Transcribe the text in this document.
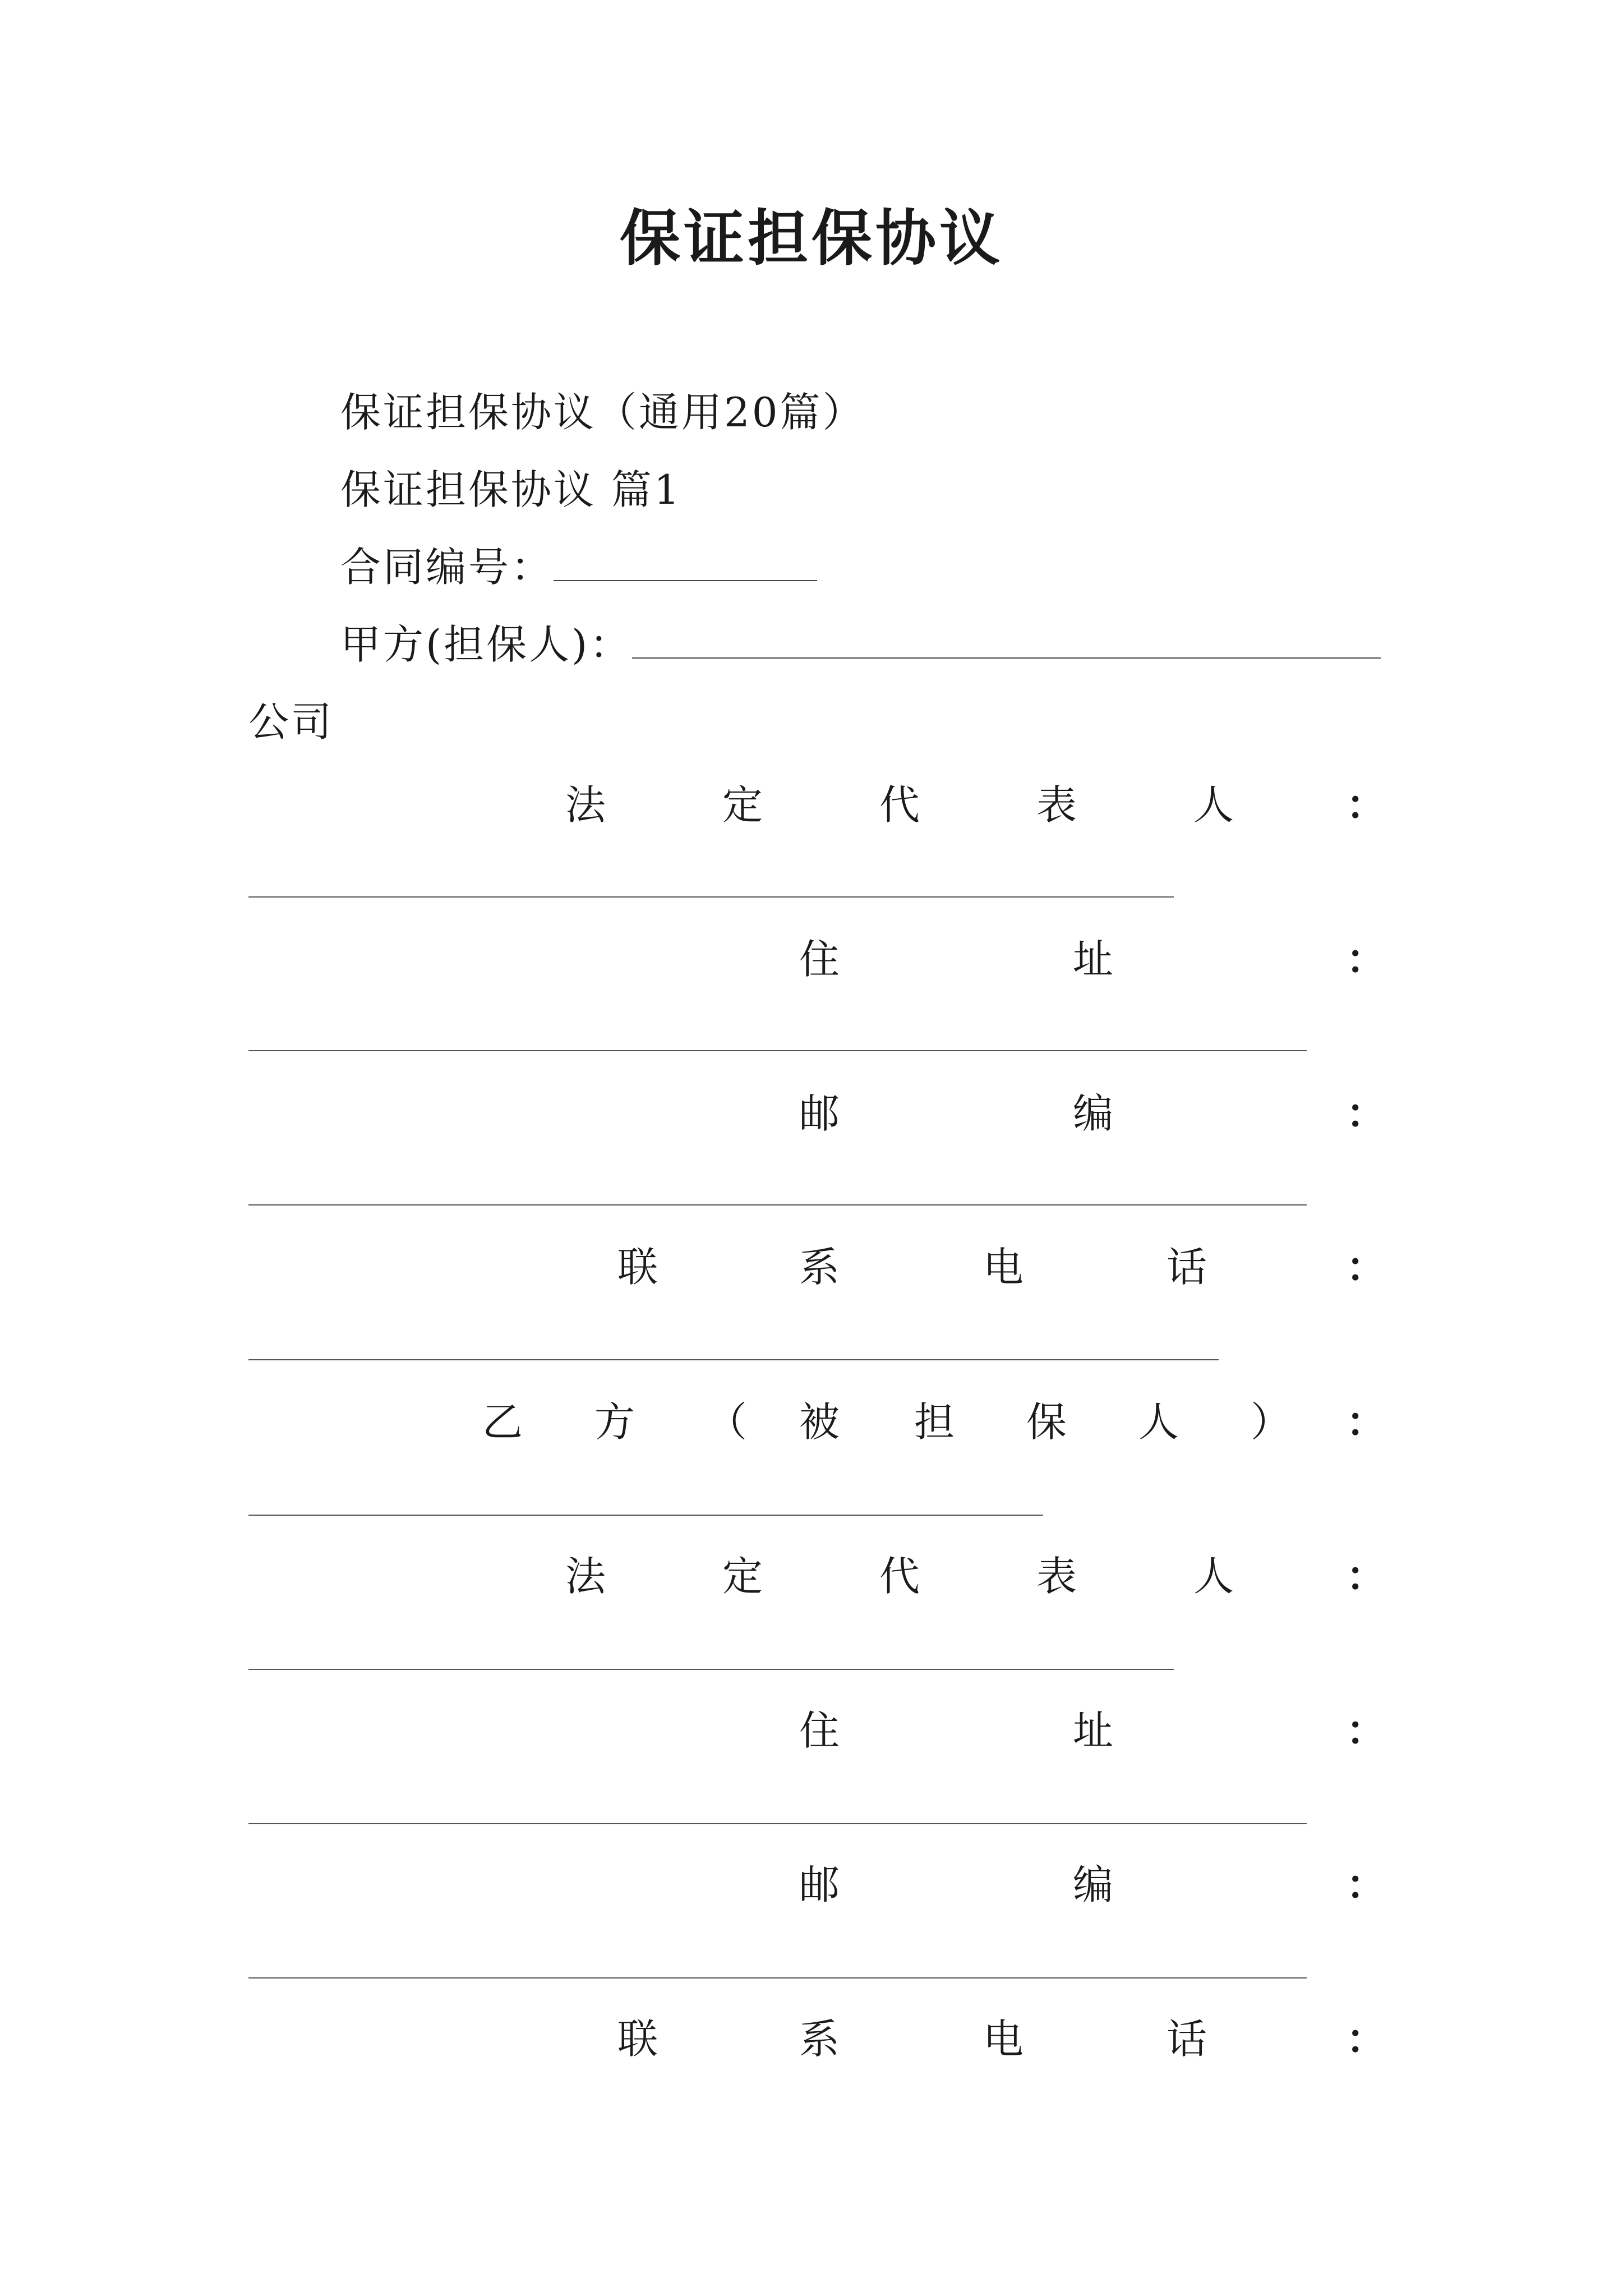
保证担保协议
保证担保协议（通用20篇）
保证担保协议 篇1
合同编号：
甲方(担保人)：
公司
法	定	代	表	人	：
住	址	：
邮	编	：
联	系	电	话	：
乙 方 （ 被 担 保 人 ） ：
法	定	代	表	人	：
住	址	：
邮	编	：
联	系	电	话	：
